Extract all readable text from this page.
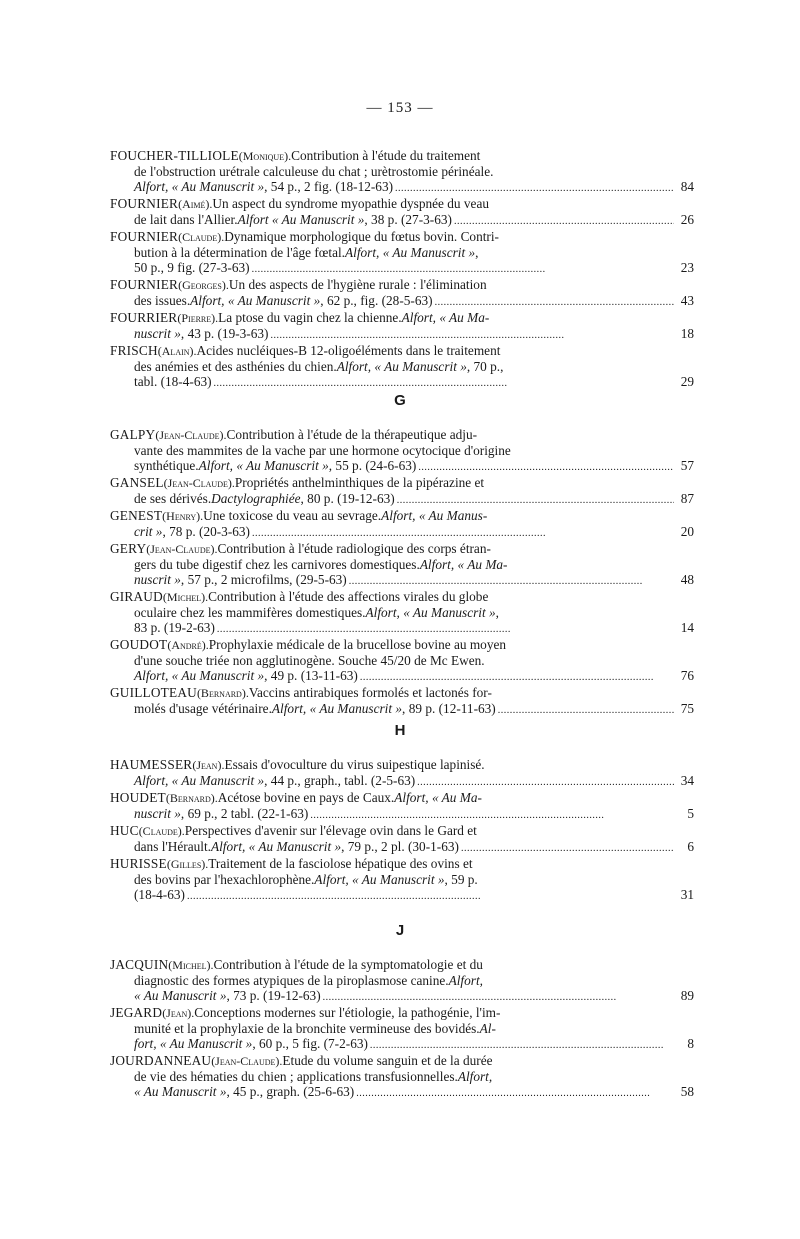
— 153 —
FOUCHER-TILLIOLE (Monique). Contribution à l'étude du traitement
de l'obstruction urétrale calculeuse du chat ; urètrostomie périnéale.
Alfort, « Au Manuscrit » , 54 p., 2 fig. (18-12-63) . . .	84
FOURNIER (Aimé). Un aspect du syndrome myopathie dyspnée du veau
de lait dans l'Allier. Alfort « Au Manuscrit » , 38 p. (27-3-63) . . .	26
FOURNIER (Claude). Dynamique morphologique du fœtus bovin. Contri-
bution à la détermination de l'âge fœtal. Alfort, « Au Manuscrit » ,
50 p., 9 fig. (27-3-63) . . .	23
FOURNIER (Georges). Un des aspects de l'hygiène rurale : l'élimination
des issues. Alfort, « Au Manuscrit » , 62 p., fig. (28-5-63) . . .	43
FOURRIER (Pierre). La ptose du vagin chez la chienne. Alfort, « Au Ma-
nuscrit » , 43 p. (19-3-63) . . .	18
FRISCH (Alain). Acides nucléiques-B 12-oligoéléments dans le traitement
des anémies et des asthénies du chien. Alfort, « Au Manuscrit » , 70 p.,
tabl. (18-4-63) . . .	29
G
GALPY (Jean-Claude). Contribution à l'étude de la thérapeutique adju-
vante des mammites de la vache par une hormone ocytocique d'origine
synthétique. Alfort, « Au Manuscrit » , 55 p. (24-6-63) . . .	57
GANSEL (Jean-Claude). Propriétés anthelminthiques de la pipérazine et
de ses dérivés. Dactylographiée , 80 p. (19-12-63) . . .	87
GENEST (Henry). Une toxicose du veau au sevrage. Alfort, « Au Manus-
crit » , 78 p. (20-3-63) . . .	20
GERY (Jean-Claude). Contribution à l'étude radiologique des corps étran-
gers du tube digestif chez les carnivores domestiques. Alfort, « Au Ma-
nuscrit » , 57 p., 2 microfilms, (29-5-63) . . .	48
GIRAUD (Michel). Contribution à l'étude des affections virales du globe
oculaire chez les mammifères domestiques. Alfort, « Au Manuscrit » ,
83 p. (19-2-63) . . .	14
GOUDOT (André). Prophylaxie médicale de la brucellose bovine au moyen
d'une souche triée non agglutinogène. Souche 45/20 de Mc Ewen.
Alfort, « Au Manuscrit » , 49 p. (13-11-63) . . .	76
GUILLOTEAU (Bernard). Vaccins antirabiques formolés et lactonés for-
molés d'usage vétérinaire. Alfort, « Au Manuscrit » , 89 p. (12-11-63) . . .	75
H
HAUMESSER (Jean). Essais d'ovoculture du virus suipestique lapinisé.
Alfort, « Au Manuscrit » , 44 p., graph., tabl. (2-5-63) . . .	34
HOUDET (Bernard). Acétose bovine en pays de Caux. Alfort, « Au Ma-
nuscrit » , 69 p., 2 tabl. (22-1-63) . . .	5
HUC (Claude). Perspectives d'avenir sur l'élevage ovin dans le Gard et
dans l'Hérault. Alfort, « Au Manuscrit » , 79 p., 2 pl. (30-1-63) . . .	6
HURISSE (Gilles). Traitement de la fasciolose hépatique des ovins et
des bovins par l'hexachlorophène. Alfort, « Au Manuscrit » , 59 p.
(18-4-63) . . .	31
J
JACQUIN (Michel). Contribution à l'étude de la symptomatologie et du
diagnostic des formes atypiques de la piroplasmose canine. Alfort,
« Au Manuscrit » , 73 p. (19-12-63) . . .	89
JEGARD (Jean). Conceptions modernes sur l'étiologie, la pathogénie, l'im-
munité et la prophylaxie de la bronchite vermineuse des bovidés. Al-
fort, « Au Manuscrit » , 60 p., 5 fig. (7-2-63) . . .	8
JOURDANNEAU (Jean-Claude). Etude du volume sanguin et de la durée
de vie des hématies du chien ; applications transfusionnelles. Alfort,
« Au Manuscrit » , 45 p., graph. (25-6-63) . . .	58
